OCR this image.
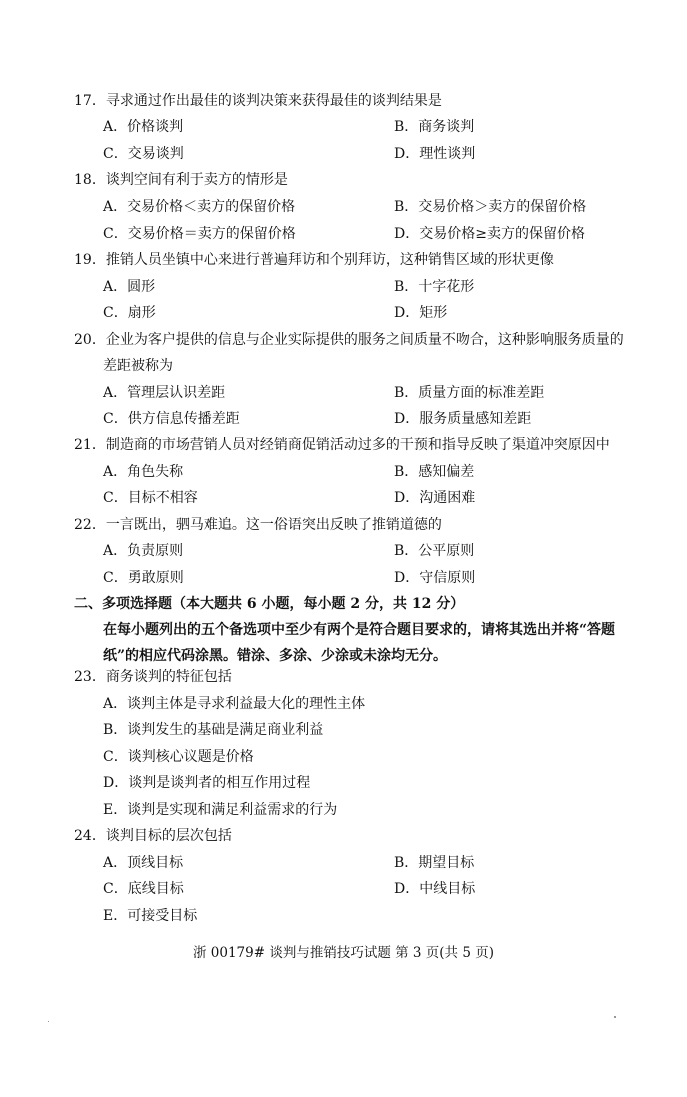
17．寻求通过作出最佳的谈判决策来获得最佳的谈判结果是
A．价格谈判	B．商务谈判
C．交易谈判	D．理性谈判
18．谈判空间有利于卖方的情形是
A．交易价格＜卖方的保留价格	B．交易价格＞卖方的保留价格
C．交易价格＝卖方的保留价格	D．交易价格≥卖方的保留价格
19．推销人员坐镇中心来进行普遍拜访和个别拜访，这种销售区域的形状更像
A．圆形	B．十字花形
C．扇形	D．矩形
20．企业为客户提供的信息与企业实际提供的服务之间质量不吻合，这种影响服务质量的
差距被称为
A．管理层认识差距	B．质量方面的标准差距
C．供方信息传播差距	D．服务质量感知差距
21．制造商的市场营销人员对经销商促销活动过多的干预和指导反映了渠道冲突原因中
A．角色失称	B．感知偏差
C．目标不相容	D．沟通困难
22．一言既出，驷马难追。这一俗语突出反映了推销道德的
A．负责原则	B．公平原则
C．勇敢原则	D．守信原则
二、多项选择题（本大题共 6 小题，每小题 2 分，共 12 分）
在每小题列出的五个备选项中至少有两个是符合题目要求的，请将其选出并将“答题
纸”的相应代码涂黑。错涂、多涂、少涂或未涂均无分。
23．商务谈判的特征包括
A．谈判主体是寻求利益最大化的理性主体
B．谈判发生的基础是满足商业利益
C．谈判核心议题是价格
D．谈判是谈判者的相互作用过程
E．谈判是实现和满足利益需求的行为
24．谈判目标的层次包括
A．顶线目标	B．期望目标
C．底线目标	D．中线目标
E．可接受目标
浙 00179# 谈判与推销技巧试题 第 3 页(共 5 页)
